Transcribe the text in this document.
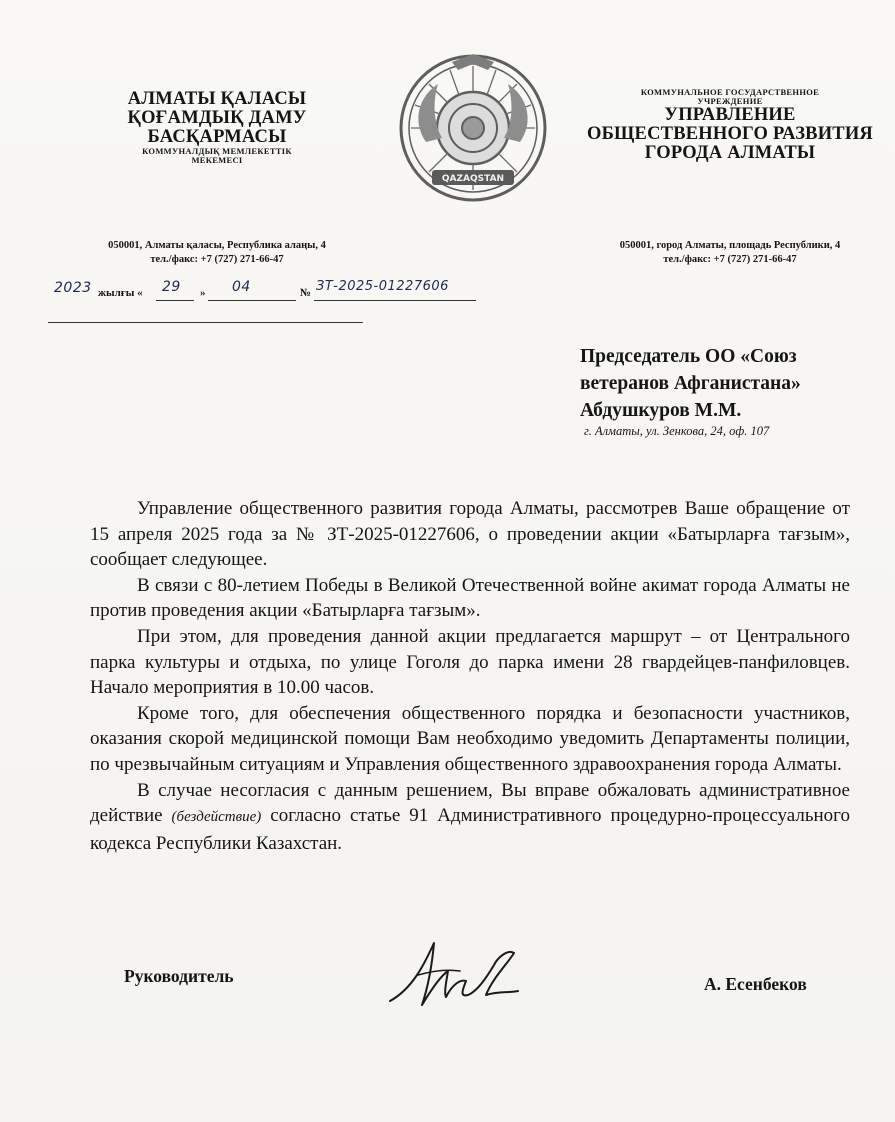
АЛМАТЫ ҚАЛАСЫ
ҚОҒАМДЫҚ ДАМУ
БАСҚАРМАСЫ
КОММУНАЛДЫҚ МЕМЛЕКЕТТІК
МЕКЕМЕСІ
QAZAQSTAN
КОММУНАЛЬНОЕ ГОСУДАРСТВЕННОЕ
УЧРЕЖДЕНИЕ
УПРАВЛЕНИЕ
ОБЩЕСТВЕННОГО РАЗВИТИЯ
ГОРОДА АЛМАТЫ
050001, Алматы қаласы, Республика алаңы, 4
тел./факс: +7 (727) 271-66-47
050001, город Алматы, площадь Республики, 4
тел./факс: +7 (727) 271-66-47
2023 жылғы « 29 » 04	№ ЗТ-2025-01227606
Председатель ОО «Союз
ветеранов Афганистана»
Абдушкуров М.М.
г. Алматы, ул. Зенкова, 24, оф. 107

Управление общественного развития города Алматы, рассмотрев Ваше обращение от 15 апреля 2025 года за № ЗТ-2025-01227606, о проведении акции «Батырларға тағзым», сообщает следующее.

В связи с 80-летием Победы в Великой Отечественной войне акимат города Алматы не против проведения акции «Батырларға тағзым».

При этом, для проведения данной акции предлагается маршрут – от Центрального парка культуры и отдыха, по улице Гоголя до парка имени 28 гвардейцев-панфиловцев. Начало мероприятия в 10.00 часов.

Кроме того, для обеспечения общественного порядка и безопасности участников, оказания скорой медицинской помощи Вам необходимо уведомить Департаменты полиции, по чрезвычайным ситуациям и Управления общественного здравоохранения города Алматы.

В случае несогласия с данным решением, Вы вправе обжаловать административное действие (бездействие) согласно статье 91 Административного процедурно-процессуального кодекса Республики Казахстан.

Руководитель	А. Есенбеков
